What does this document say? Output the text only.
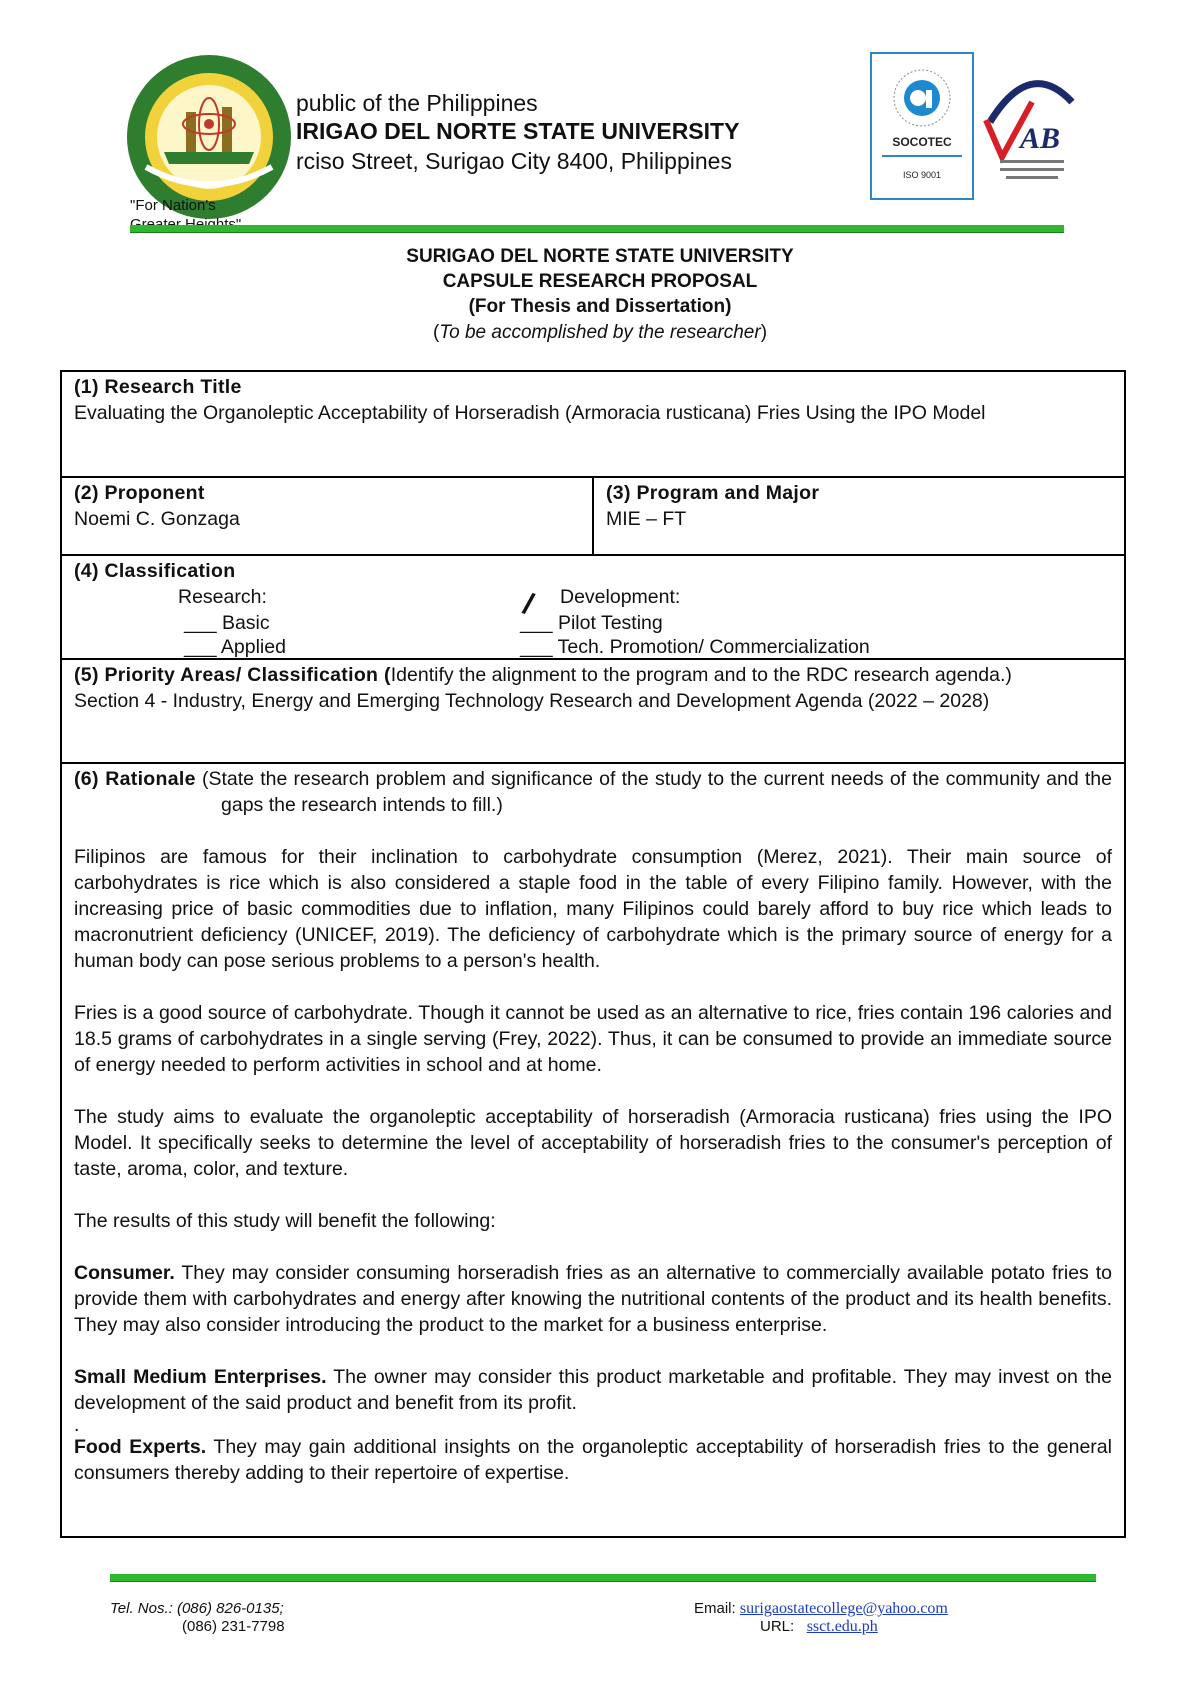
public of the Philippines
IRIGAO DEL NORTE STATE UNIVERSITY
rciso Street, Surigao City 8400, Philippines
"For Nation's
SOCOTEC
ISO 9001
AB
SURIGAO DEL NORTE STATE UNIVERSITY
CAPSULE RESEARCH PROPOSAL
(For Thesis and Dissertation)
(To be accomplished by the researcher)
(1) Research Title
Evaluating the Organoleptic Acceptability of Horseradish (Armoracia rusticana) Fries Using the IPO Model
(2) Proponent
Noemi C. Gonzaga
(3) Program and Major
MIE – FT
(4) Classification
Research:
___ Basic
___ Applied
/ Development:
___ Pilot Testing
___ Tech. Promotion/ Commercialization
(5) Priority Areas/ Classification (Identify the alignment to the program and to the RDC research agenda.)
Section 4 - Industry, Energy and Emerging Technology Research and Development Agenda (2022 – 2028)

(6) Rationale (State the research problem and significance of the study to the current needs of the community and the gaps the research intends to fill.)

Filipinos are famous for their inclination to carbohydrate consumption (Merez, 2021). Their main source of carbohydrates is rice which is also considered a staple food in the table of every Filipino family. However, with the increasing price of basic commodities due to inflation, many Filipinos could barely afford to buy rice which leads to macronutrient deficiency (UNICEF, 2019). The deficiency of carbohydrate which is the primary source of energy for a human body can pose serious problems to a person's health.

Fries is a good source of carbohydrate. Though it cannot be used as an alternative to rice, fries contain 196 calories and 18.5 grams of carbohydrates in a single serving (Frey, 2022). Thus, it can be consumed to provide an immediate source of energy needed to perform activities in school and at home.

The study aims to evaluate the organoleptic acceptability of horseradish (Armoracia rusticana) fries using the IPO Model. It specifically seeks to determine the level of acceptability of horseradish fries to the consumer's perception of taste, aroma, color, and texture.

The results of this study will benefit the following:

Consumer. They may consider consuming horseradish fries as an alternative to commercially available potato fries to provide them with carbohydrates and energy after knowing the nutritional contents of the product and its health benefits. They may also consider introducing the product to the market for a business enterprise.

Small Medium Enterprises. The owner may consider this product marketable and profitable. They may invest on the development of the said product and benefit from its profit.

.

Food Experts. They may gain additional insights on the organoleptic acceptability of horseradish fries to the general consumers thereby adding to their repertoire of expertise.

Tel. Nos.: (086) 826-0135;
(086) 231-7798
Email: surigaostatecollege@yahoo.com
URL: ssct.edu.ph
